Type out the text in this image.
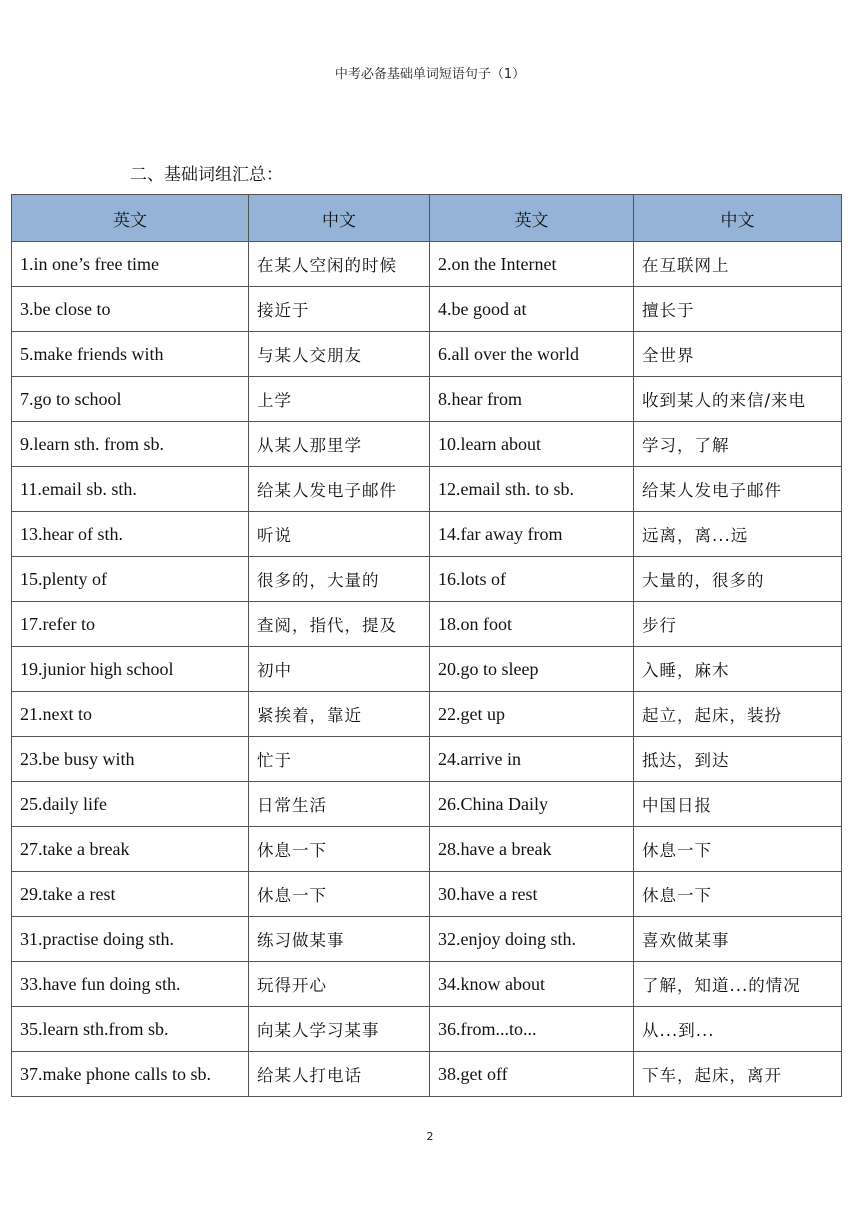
中考必备基础单词短语句子（1）
二、基础词组汇总：
英文	中文	英文	中文
1.in one’s free time	在某人空闲的时候	2.on the Internet	在互联网上
3.be close to	接近于	4.be good at	擅长于
5.make friends with	与某人交朋友	6.all over the world	全世界
7.go to school	上学	8.hear from	收到某人的来信/来电
9.learn sth. from sb.	从某人那里学	10.learn about	学习，了解
11.email sb. sth.	给某人发电子邮件	12.email sth. to sb.	给某人发电子邮件
13.hear of sth.	听说	14.far away from	远离，离...远
15.plenty of	很多的，大量的	16.lots of	大量的，很多的
17.refer to	查阅，指代，提及	18.on foot	步行
19.junior high school	初中	20.go to sleep	入睡，麻木
21.next to	紧挨着，靠近	22.get up	起立，起床，装扮
23.be busy with	忙于	24.arrive in	抵达，到达
25.daily life	日常生活	26.China Daily	中国日报
27.take a break	休息一下	28.have a break	休息一下
29.take a rest	休息一下	30.have a rest	休息一下
31.practise doing sth.	练习做某事	32.enjoy doing sth.	喜欢做某事
33.have fun doing sth.	玩得开心	34.know about	了解，知道...的情况
35.learn sth.from sb.	向某人学习某事	36.from...to...	从...到...
37.make phone calls to sb.	给某人打电话	38.get off	下车，起床，离开
2
